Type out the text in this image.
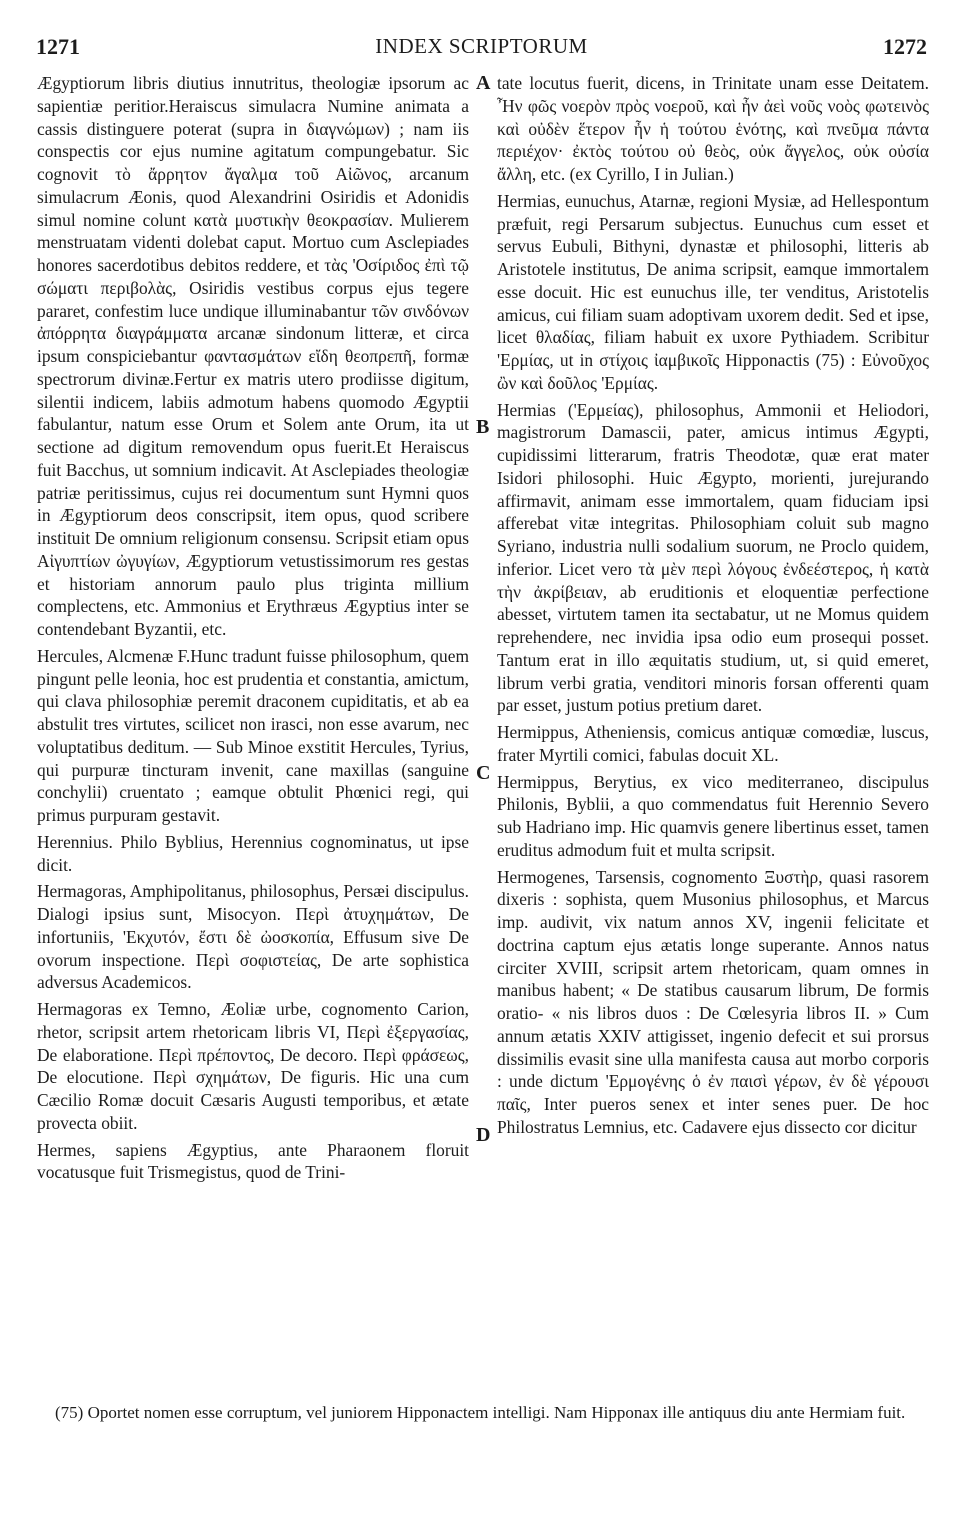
1271	INDEX SCRIPTORUM	1272

Ægyptiorum libris diutius innutritus, theologiæ ipsorum ac sapientiæ peritior.Heraiscus simulacra Numine animata a cassis distinguere poterat (supra in διαγνώμων) ; nam iis conspectis cor ejus numine agitatum compungebatur. Sic cognovit τὸ ἄρρητον ἄγαλμα τοῦ Αἰῶνος, arcanum simulacrum Æonis, quod Alexandrini Osiridis et Adonidis simul nomine colunt κατὰ μυστικὴν θεοκρασίαν. Mulierem menstruatam videnti dolebat caput. Mortuo cum Asclepiades honores sacerdotibus debitos reddere, et τὰς 'Οσίριδος ἐπὶ τῷ σώματι περιβολὰς, Osiridis vestibus corpus ejus tegere pararet, confestim luce undique illuminabantur τῶν σινδόνων ἀπόρρητα διαγράμματα arcanæ sindonum litteræ, et circa ipsum conspiciebantur φαντασμάτων εἴδη θεοπρεπῆ, formæ spectrorum divinæ.Fertur ex matris utero prodiisse digitum, silentii indicem, labiis admotum habens quomodo Ægyptii fabulantur, natum esse Orum et Solem ante Orum, ita ut sectione ad digitum removendum opus fuerit.Et Heraiscus fuit Bacchus, ut somnium indicavit. At Asclepiades theologiæ patriæ peritissimus, cujus rei documentum sunt Hymni quos in Ægyptiorum deos conscripsit, item opus, quod scribere instituit De omnium religionum consensu. Scripsit etiam opus Αἰγυπτίων ὠγυγίων, Ægyptiorum vetustissimorum res gestas et historiam annorum paulo plus triginta millium complectens, etc. Ammonius et Erythræus Ægyptius inter se contendebant Byzantii, etc.

Hercules, Alcmenæ F.Hunc tradunt fuisse philosophum, quem pingunt pelle leonia, hoc est prudentia et constantia, amictum, qui clava philosophiæ peremit draconem cupiditatis, et ab ea abstulit tres virtutes, scilicet non irasci, non esse avarum, nec voluptatibus deditum. — Sub Minoe exstitit Hercules, Tyrius, qui purpuræ tincturam invenit, cane maxillas (sanguine conchylii) cruentato ; eamque obtulit Phœnici regi, qui primus purpuram gestavit.

Herennius. Philo Byblius, Herennius cognominatus, ut ipse dicit.

Hermagoras, Amphipolitanus, philosophus, Persæi discipulus. Dialogi ipsius sunt, Misocyon. Περὶ ἀτυχημάτων, De infortuniis, 'Εκχυτόν, ἔστι δὲ ὠοσκοπία, Effusum sive De ovorum inspectione. Περὶ σοφιστείας, De arte sophistica adversus Academicos.

Hermagoras ex Temno, Æoliæ urbe, cognomento Carion, rhetor, scripsit artem rhetoricam libris VI, Περὶ ἐξεργασίας, De elaboratione. Περὶ πρέποντος, De decoro. Περὶ φράσεως, De elocutione. Περὶ σχημάτων, De figuris. Hic una cum Cæcilio Romæ docuit Cæsaris Augusti temporibus, et ætate provecta obiit.

Hermes, sapiens Ægyptius, ante Pharaonem floruit vocatusque fuit Trismegistus, quod de Trini-

A
B
C
D

tate locutus fuerit, dicens, in Trinitate unam esse Deitatem. Ἦν φῶς νοερὸν πρὸς νοεροῦ, καὶ ἦν ἀεὶ νοῦς νοὸς φωτεινὸς καὶ οὐδὲν ἕτερον ἦν ἡ τούτου ἑνότης, καὶ πνεῦμα πάντα περιέχον· ἐκτὸς τούτου οὐ θεὸς, οὐκ ἄγγελος, οὐκ οὐσία ἄλλη, etc. (ex Cyrillo, I in Julian.)

Hermias, eunuchus, Atarnæ, regioni Mysiæ, ad Hellespontum præfuit, regi Persarum subjectus. Eunuchus cum esset et servus Eubuli, Bithyni, dynastæ et philosophi, litteris ab Aristotele institutus, De anima scripsit, eamque immortalem esse docuit. Hic est eunuchus ille, ter venditus, Aristotelis amicus, cui filiam suam adoptivam uxorem dedit. Sed et ipse, licet θλαδίας, filiam habuit ex uxore Pythiadem. Scribitur 'Ερμίας, ut in στίχοις ἰαμβικοῖς Hipponactis (75) : Εὐνοῦχος ὢν καὶ δοῦλος 'Ερμίας.

Hermias ('Ερμείας), philosophus, Ammonii et Heliodori, magistrorum Damascii, pater, amicus intimus Ægypti, cupidissimi litterarum, fratris Theodotæ, quæ erat mater Isidori philosophi. Huic Ægypto, morienti, jurejurando affirmavit, animam esse immortalem, quam fiduciam ipsi afferebat vitæ integritas. Philosophiam coluit sub magno Syriano, industria nulli sodalium suorum, ne Proclo quidem, inferior. Licet vero τὰ μὲν περὶ λόγους ἐνδεέστερος, ἡ κατὰ τὴν ἀκρίβειαν, ab eruditionis et eloquentiæ perfectione abesset, virtutem tamen ita sectabatur, ut ne Momus quidem reprehendere, nec invidia ipsa odio eum prosequi posset. Tantum erat in illo æquitatis studium, ut, si quid emeret, librum verbi gratia, venditori minoris forsan offerenti quam par esset, justum potius pretium daret.

Hermippus, Atheniensis, comicus antiquæ comœdiæ, luscus, frater Myrtili comici, fabulas docuit XL.

Hermippus, Berytius, ex vico mediterraneo, discipulus Philonis, Byblii, a quo commendatus fuit Herennio Severo sub Hadriano imp. Hic quamvis genere libertinus esset, tamen eruditus admodum fuit et multa scripsit.

Hermogenes, Tarsensis, cognomento Ξυστὴρ, quasi rasorem dixeris : sophista, quem Musonius philosophus, et Marcus imp. audivit, vix natum annos XV, ingenii felicitate et doctrina captum ejus ætatis longe superante. Annos natus circiter XVIII, scripsit artem rhetoricam, quam omnes in manibus habent; « De statibus causarum librum, De formis oratio- « nis libros duos : De Cœlesyria libros II. » Cum annum ætatis XXIV attigisset, ingenio defecit et sui prorsus dissimilis evasit sine ulla manifesta causa aut morbo corporis : unde dictum 'Ερμογένης ὁ ἐν παισὶ γέρων, ἐν δὲ γέρουσι παῖς, Inter pueros senex et inter senes puer. De hoc Philostratus Lemnius, etc. Cadavere ejus dissecto cor dicitur

(75) Oportet nomen esse corruptum, vel juniorem Hipponactem intelligi. Nam Hipponax ille antiquus diu ante Hermiam fuit.
